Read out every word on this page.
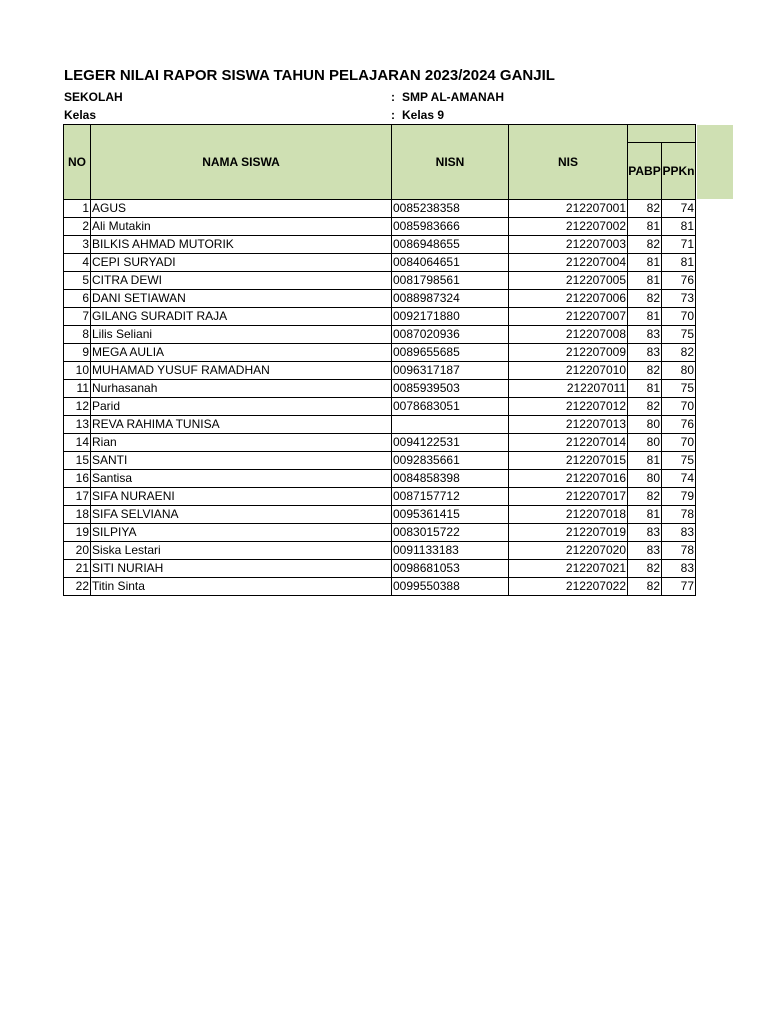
LEGER NILAI RAPOR SISWA TAHUN PELAJARAN 2023/2024 GANJIL
SEKOLAH	: SMP AL-AMANAH
Kelas	: Kelas 9
NO	NAMA SISWA	NISN	NIS		
				PABP	PPKn
1	AGUS	0085238358	212207001	82	74
2	Ali Mutakin	0085983666	212207002	81	81
3	BILKIS AHMAD MUTORIK	0086948655	212207003	82	71
4	CEPI SURYADI	0084064651	212207004	81	81
5	CITRA DEWI	0081798561	212207005	81	76
6	DANI SETIAWAN	0088987324	212207006	82	73
7	GILANG SURADIT RAJA	0092171880	212207007	81	70
8	Lilis Seliani	0087020936	212207008	83	75
9	MEGA AULIA	0089655685	212207009	83	82
10	MUHAMAD YUSUF RAMADHAN	0096317187	212207010	82	80
11	Nurhasanah	0085939503	212207011	81	75
12	Parid	0078683051	212207012	82	70
13	REVA RAHIMA TUNISA		212207013	80	76
14	Rian	0094122531	212207014	80	70
15	SANTI	0092835661	212207015	81	75
16	Santisa	0084858398	212207016	80	74
17	SIFA NURAENI	0087157712	212207017	82	79
18	SIFA SELVIANA	0095361415	212207018	81	78
19	SILPIYA	0083015722	212207019	83	83
20	Siska Lestari	0091133183	212207020	83	78
21	SITI NURIAH	0098681053	212207021	82	83
22	Titin Sinta	0099550388	212207022	82	77
